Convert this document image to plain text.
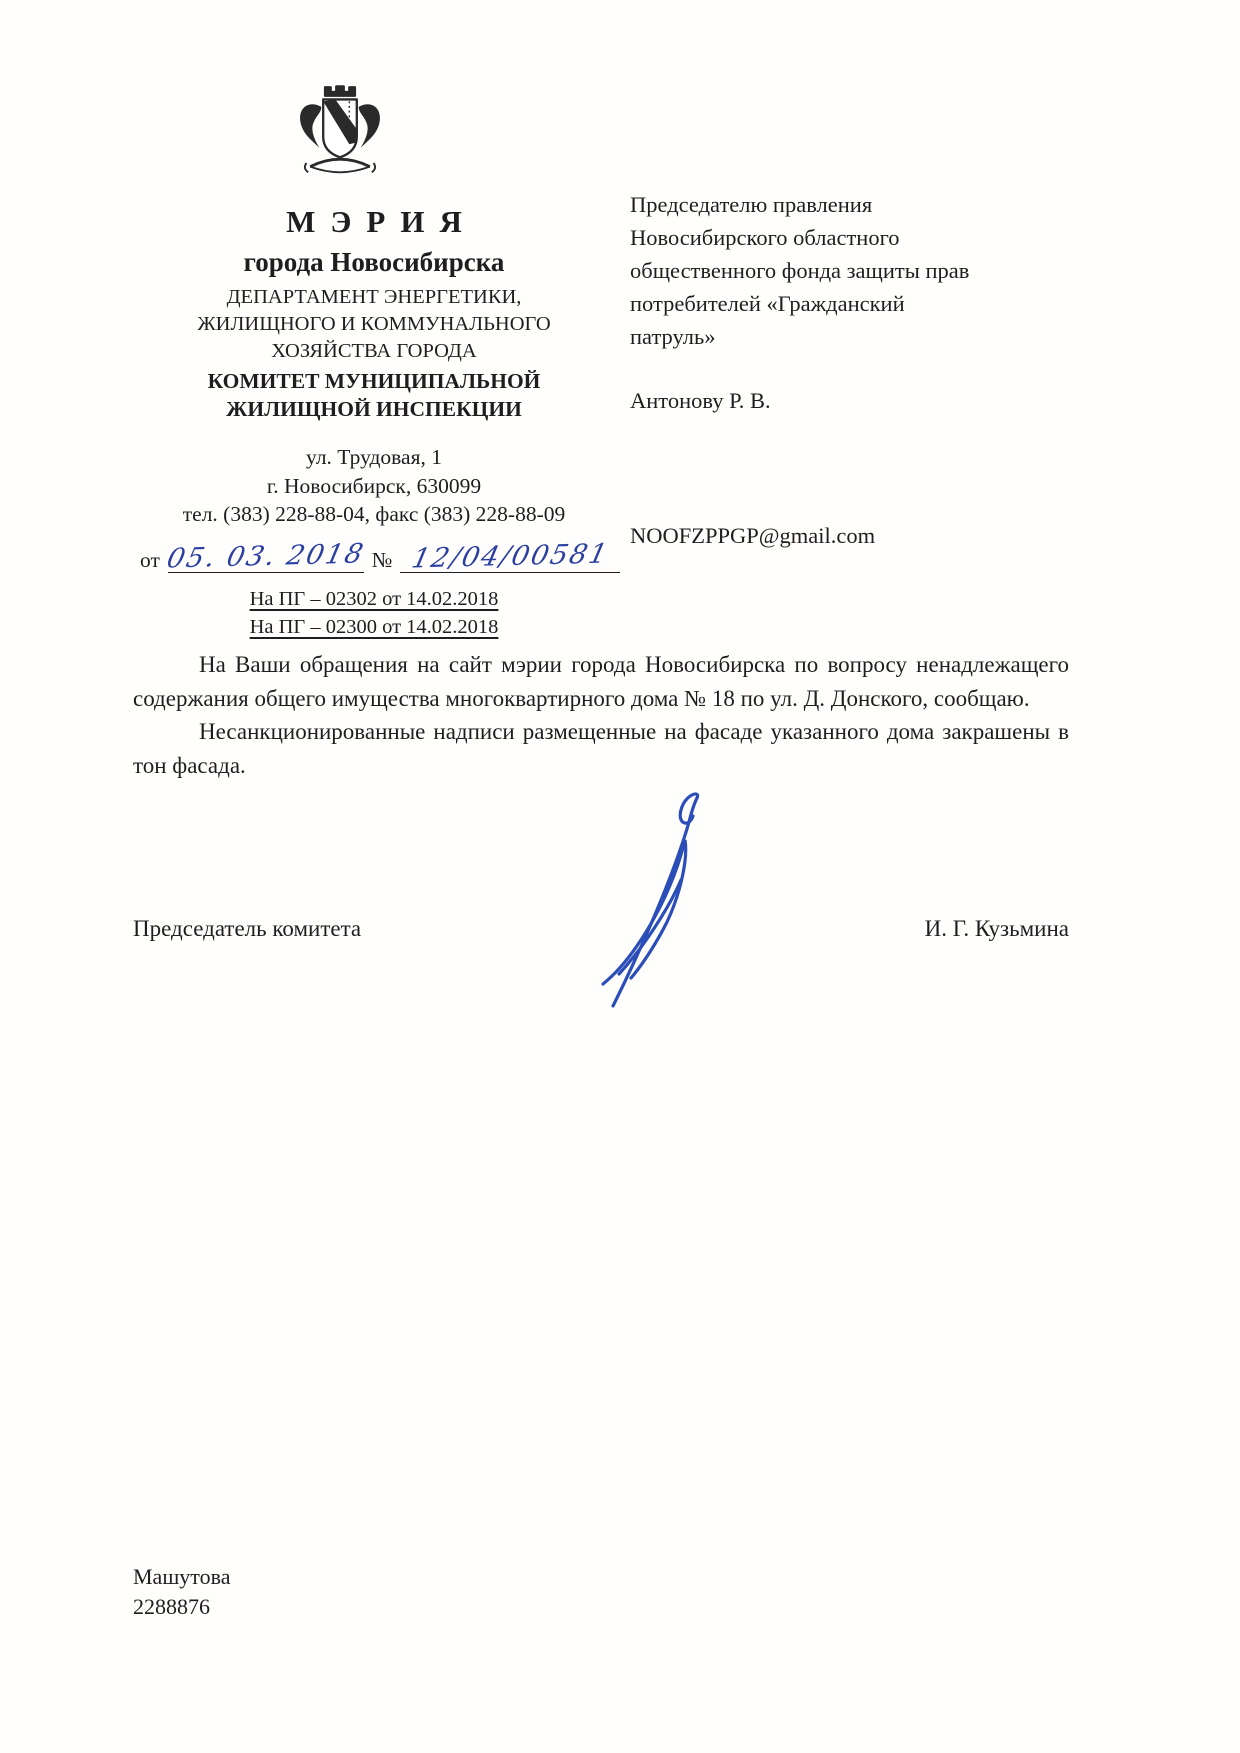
МЭРИЯ
города Новосибирска
ДЕПАРТАМЕНТ ЭНЕРГЕТИКИ,
ЖИЛИЩНОГО И КОММУНАЛЬНОГО
ХОЗЯЙСТВА ГОРОДА
КОМИТЕТ МУНИЦИПАЛЬНОЙ
ЖИЛИЩНОЙ ИНСПЕКЦИИ
ул. Трудовая, 1
г. Новосибирск, 630099
тел. (383) 228-88-04, факс (383) 228-88-09
от 05. 03. 2018 № 12/04/00581
На ПГ – 02302 от 14.02.2018
На ПГ – 02300 от 14.02.2018
Председателю правления
Новосибирского областного
общественного фонда защиты прав
потребителей «Гражданский
патруль»
Антонову Р. В.
NOOFZPPGP@gmail.com

На Ваши обращения на сайт мэрии города Новосибирска по вопросу ненадлежащего содержания общего имущества многоквартирного дома № 18 по ул. Д. Донского, сообщаю.

Несанкционированные надписи размещенные на фасаде указанного дома закрашены в тон фасада.

Председатель комитета	И. Г. Кузьмина
Машутова
2288876
